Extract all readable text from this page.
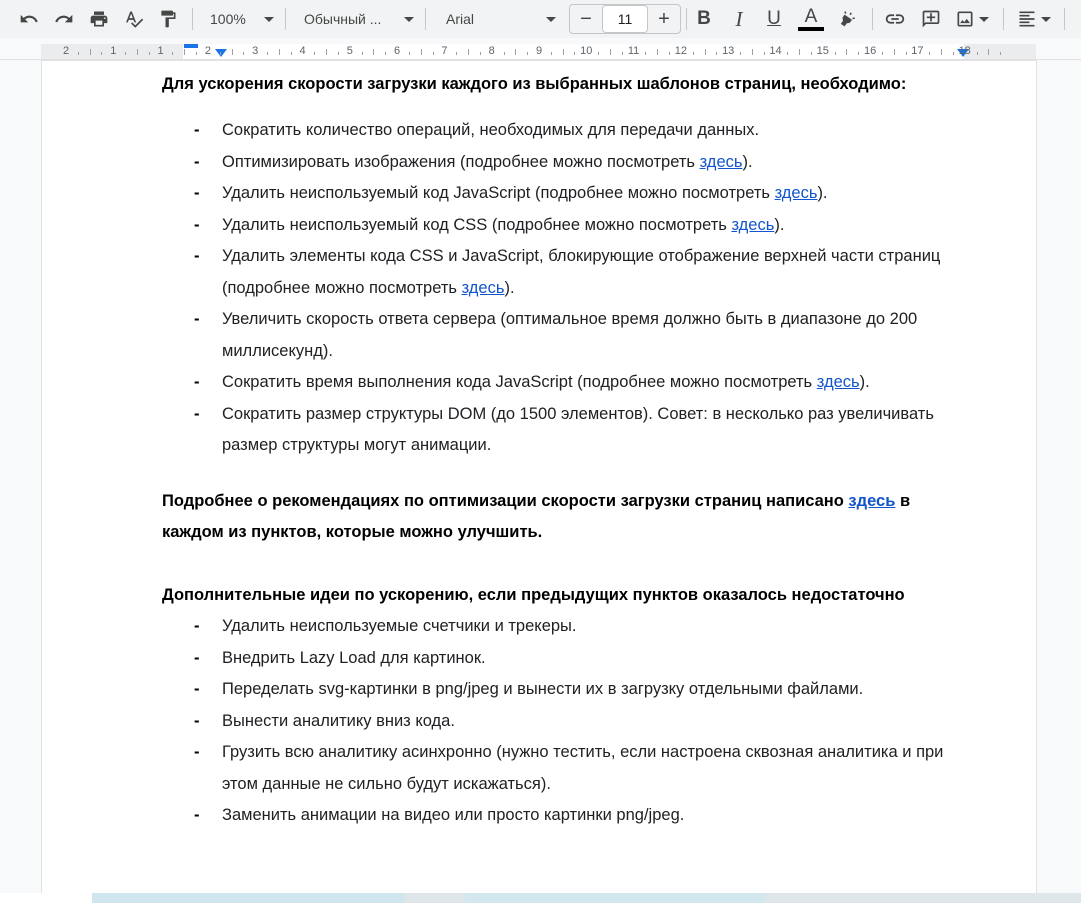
100%	Обычный ...	Arial	−	11	+	B	I	U	A
2	1	1	2	3	4	5	6	7	8	9	10	11	12	13	14	15	16	17	18

Для ускорения скорости загрузки каждого из выбранных шаблонов страниц, необходимо:

- Сократить количество операций, необходимых для передачи данных.
- Оптимизировать изображения (подробнее можно посмотреть здесь).
- Удалить неиспользуемый код JavaScript (подробнее можно посмотреть здесь).
- Удалить неиспользуемый код CSS (подробнее можно посмотреть здесь).
- Удалить элементы кода CSS и JavaScript, блокирующие отображение верхней части страниц (подробнее можно посмотреть здесь).
- Увеличить скорость ответа сервера (оптимальное время должно быть в диапазоне до 200 миллисекунд).
- Сократить время выполнения кода JavaScript (подробнее можно посмотреть здесь).
- Сократить размер структуры DOM (до 1500 элементов). Совет: в несколько раз увеличивать размер структуры могут анимации.

Подробнее о рекомендациях по оптимизации скорости загрузки страниц написано здесь в каждом из пунктов, которые можно улучшить.

Дополнительные идеи по ускорению, если предыдущих пунктов оказалось недостаточно

- Удалить неиспользуемые счетчики и трекеры.
- Внедрить Lazy Load для картинок.
- Переделать svg-картинки в png/jpeg и вынести их в загрузку отдельными файлами.
- Вынести аналитику вниз кода.
- Грузить всю аналитику асинхронно (нужно тестить, если настроена сквозная аналитика и при этом данные не сильно будут искажаться).
- Заменить анимации на видео или просто картинки png/jpeg.
